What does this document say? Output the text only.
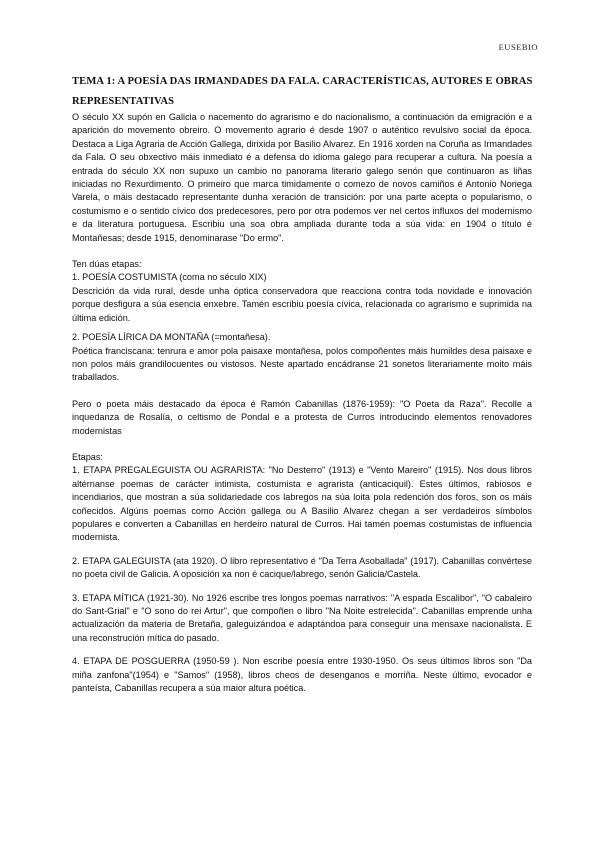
EUSEBIO
TEMA 1: A POESÍA DAS IRMANDADES DA FALA. CARACTERÍSTICAS, AUTORES E OBRAS REPRESENTATIVAS

O século XX supón en Galicia o nacemento do agrarismo e do nacionalismo, a continuación da emigración e a aparición do movemento obreiro. O movemento agrario é desde 1907 o auténtico revulsivo social da época. Destaca a Liga Agraria de Acción Gallega, dirixida por Basilio Alvarez. En 1916 xorden na Coruña as Irmandades da Fala. O seu obxectivo máis inmediato é a defensa do idioma galego para recuperar a cultura. Na poesía a entrada do século XX non supuxo un cambio no panorama literario galego senón que continuaron as liñas iniciadas no Rexurdimento. O primeiro que marca timidamente o comezo de novos camiños é Antonio Noriega Varela, o máis destacado representante dunha xeración de transición: por una parte acepta o popularismo, o costumismo e o sentido cívico dos predecesores, pero por otra podemos ver nel certos influxos del modernismo e da literatura portuguesa. Escribiu una soa obra ampliada durante toda a súa vida: en 1904 o título é Montañesas; desde 1915, denominarase "Do ermo".

Ten dúas etapas:

1. POESÍA COSTUMISTA (coma no século XIX)

Descrición da vida rural, desde unha óptica conservadora que reacciona contra toda novidade e innovación porque desfigura a súa esencia enxebre. Tamén escribiu poesía cívica, relacionada co agrarismo e suprimida na última edición.

2. POESÍA LÍRICA DA MONTAÑA (=montañesa).

Poética franciscana: tenrura e amor pola paisaxe montañesa, polos compoñentes máis humildes desa paisaxe e non polos máis grandilocuentes ou vistosos. Neste apartado encádranse 21 sonetos literariamente moito máis traballados.

Pero o poeta máis destacado da época é Ramón Cabanillas (1876-1959): "O Poeta da Raza". Recolle a inquedanza de Rosalía, o celtismo de Pondal e a protesta de Curros introducindo elementos renovadores modernistas

Etapas:

1. ETAPA PREGALEGUISTA OU AGRARISTA: "No Desterro" (1913) e "Vento Mareiro" (1915). Nos dous libros altérnanse poemas de carácter intimista, costumista e agrarista (anticaciquil). Estes últimos, rabiosos e incendiarios, que mostran a súa solidariedade cos labregos na súa loita pola redención dos foros, son os máis coñecidos. Algúns poemas como Acción gallega ou A Basilio Alvarez chegan a ser verdadeiros símbolos populares e converten a Cabanillas en herdeiro natural de Curros. Hai tamén poemas costumistas de influencia modernista.

2. ETAPA GALEGUISTA (ata 1920). O libro representativo é "Da Terra Asoballada" (1917). Cabanillas convértese no poeta civil de Galicia. A oposición xa non é cacique/labrego, senón Galicia/Castela.

3. ETAPA MÍTICA (1921-30). No 1926 escribe tres longos poemas narrativos: "A espada Escalibor", "O cabaleiro do Sant-Grial" e "O sono do rei Artur", que compoñen o libro "Na Noite estrelecida". Cabanillas emprende unha actualización da materia de Bretaña, galeguizándoa e adaptándoa para conseguir una mensaxe nacionalista. E una reconstrución mítica do pasado.

4. ETAPA DE POSGUERRA (1950-59 ). Non escribe poesía entre 1930-1950. Os seus últimos libros son "Da miña zanfona"(1954) e "Samos" (1958), libros cheos de desenganos e morriña. Neste último, evocador e panteísta, Cabanillas recupera a súa maior altura poética.
